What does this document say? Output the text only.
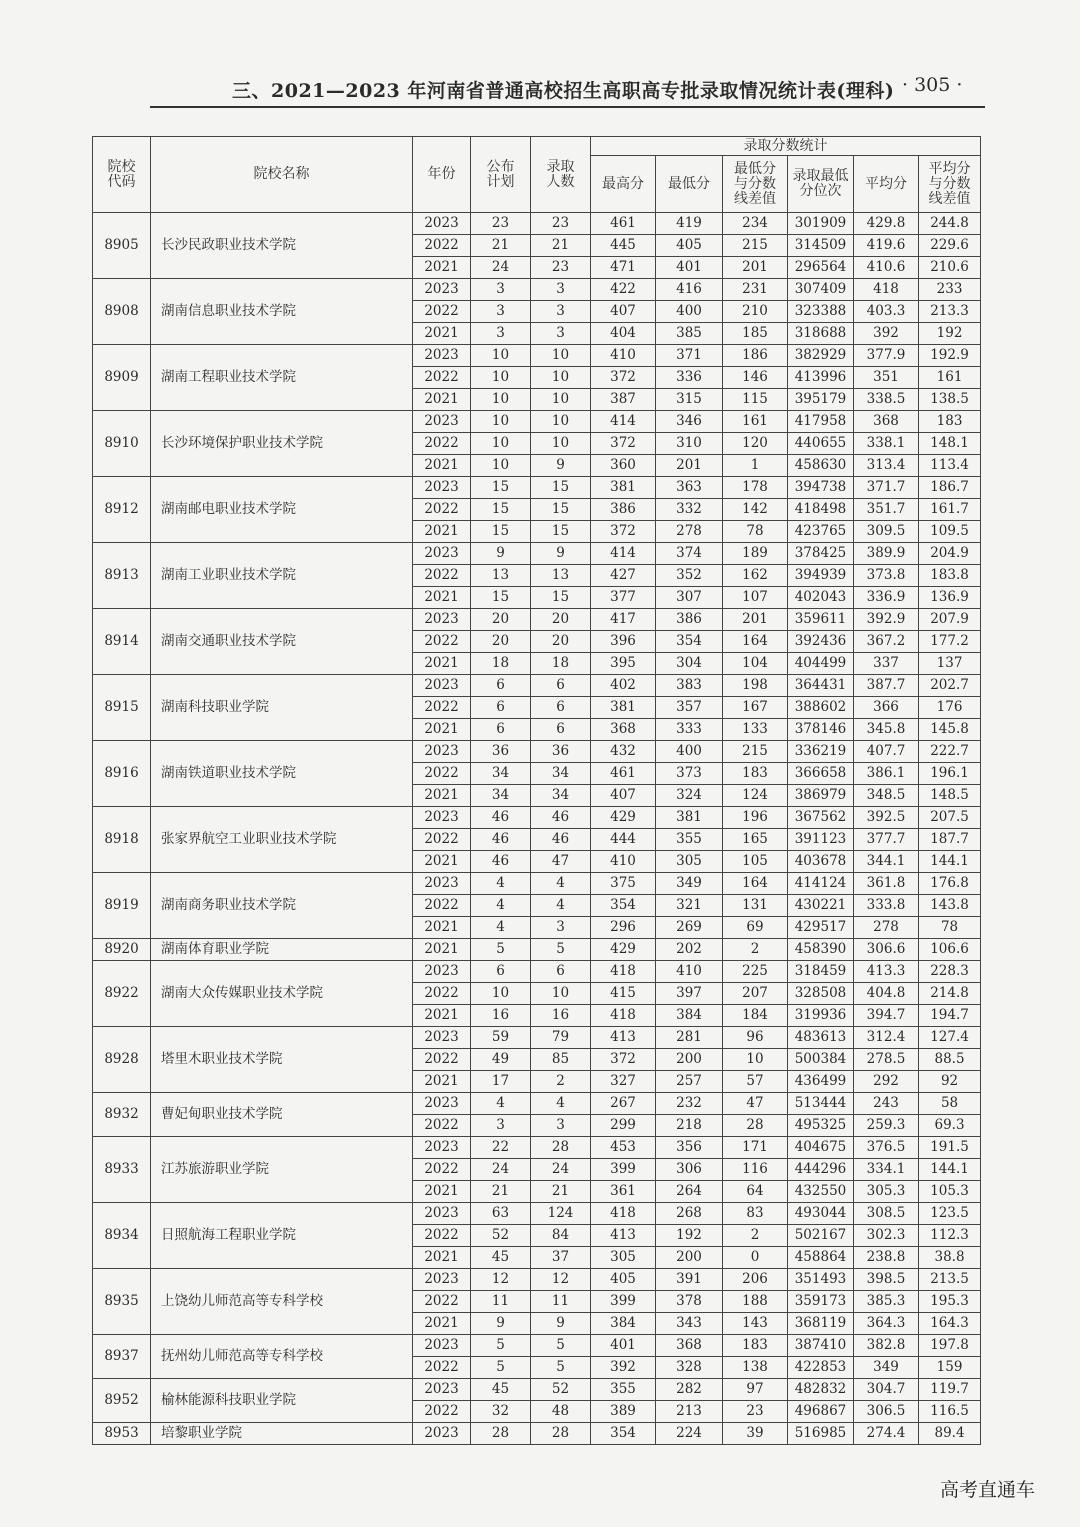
三、2021—2023 年河南省普通高校招生高职高专批录取情况统计表(理科) · 305 ·
院校代码	院校名称	年份	公布计划	录取人数	录取分数统计					
					最高分	最低分	最低分与分数线差值	录取最低分位次	平均分	平均分与分数线差值
8905	长沙民政职业技术学院	2023	23	23	461	419	234	301909	429.8	244.8
		2022	21	21	445	405	215	314509	419.6	229.6
		2021	24	23	471	401	201	296564	410.6	210.6
8908	湖南信息职业技术学院	2023	3	3	422	416	231	307409	418	233
		2022	3	3	407	400	210	323388	403.3	213.3
		2021	3	3	404	385	185	318688	392	192
8909	湖南工程职业技术学院	2023	10	10	410	371	186	382929	377.9	192.9
		2022	10	10	372	336	146	413996	351	161
		2021	10	10	387	315	115	395179	338.5	138.5
8910	长沙环境保护职业技术学院	2023	10	10	414	346	161	417958	368	183
		2022	10	10	372	310	120	440655	338.1	148.1
		2021	10	9	360	201	1	458630	313.4	113.4
8912	湖南邮电职业技术学院	2023	15	15	381	363	178	394738	371.7	186.7
		2022	15	15	386	332	142	418498	351.7	161.7
		2021	15	15	372	278	78	423765	309.5	109.5
8913	湖南工业职业技术学院	2023	9	9	414	374	189	378425	389.9	204.9
		2022	13	13	427	352	162	394939	373.8	183.8
		2021	15	15	377	307	107	402043	336.9	136.9
8914	湖南交通职业技术学院	2023	20	20	417	386	201	359611	392.9	207.9
		2022	20	20	396	354	164	392436	367.2	177.2
		2021	18	18	395	304	104	404499	337	137
8915	湖南科技职业学院	2023	6	6	402	383	198	364431	387.7	202.7
		2022	6	6	381	357	167	388602	366	176
		2021	6	6	368	333	133	378146	345.8	145.8
8916	湖南铁道职业技术学院	2023	36	36	432	400	215	336219	407.7	222.7
		2022	34	34	461	373	183	366658	386.1	196.1
		2021	34	34	407	324	124	386979	348.5	148.5
8918	张家界航空工业职业技术学院	2023	46	46	429	381	196	367562	392.5	207.5
		2022	46	46	444	355	165	391123	377.7	187.7
		2021	46	47	410	305	105	403678	344.1	144.1
8919	湖南商务职业技术学院	2023	4	4	375	349	164	414124	361.8	176.8
		2022	4	4	354	321	131	430221	333.8	143.8
		2021	4	3	296	269	69	429517	278	78
8920	湖南体育职业学院	2021	5	5	429	202	2	458390	306.6	106.6
8922	湖南大众传媒职业技术学院	2023	6	6	418	410	225	318459	413.3	228.3
		2022	10	10	415	397	207	328508	404.8	214.8
		2021	16	16	418	384	184	319936	394.7	194.7
8928	塔里木职业技术学院	2023	59	79	413	281	96	483613	312.4	127.4
		2022	49	85	372	200	10	500384	278.5	88.5
		2021	17	2	327	257	57	436499	292	92
8932	曹妃甸职业技术学院	2023	4	4	267	232	47	513444	243	58
		2022	3	3	299	218	28	495325	259.3	69.3
8933	江苏旅游职业学院	2023	22	28	453	356	171	404675	376.5	191.5
		2022	24	24	399	306	116	444296	334.1	144.1
		2021	21	21	361	264	64	432550	305.3	105.3
8934	日照航海工程职业学院	2023	63	124	418	268	83	493044	308.5	123.5
		2022	52	84	413	192	2	502167	302.3	112.3
		2021	45	37	305	200	0	458864	238.8	38.8
8935	上饶幼儿师范高等专科学校	2023	12	12	405	391	206	351493	398.5	213.5
		2022	11	11	399	378	188	359173	385.3	195.3
		2021	9	9	384	343	143	368119	364.3	164.3
8937	抚州幼儿师范高等专科学校	2023	5	5	401	368	183	387410	382.8	197.8
		2022	5	5	392	328	138	422853	349	159
8952	榆林能源科技职业学院	2023	45	52	355	282	97	482832	304.7	119.7
		2022	32	48	389	213	23	496867	306.5	116.5
8953	培黎职业学院	2023	28	28	354	224	39	516985	274.4	89.4
高考直通车
